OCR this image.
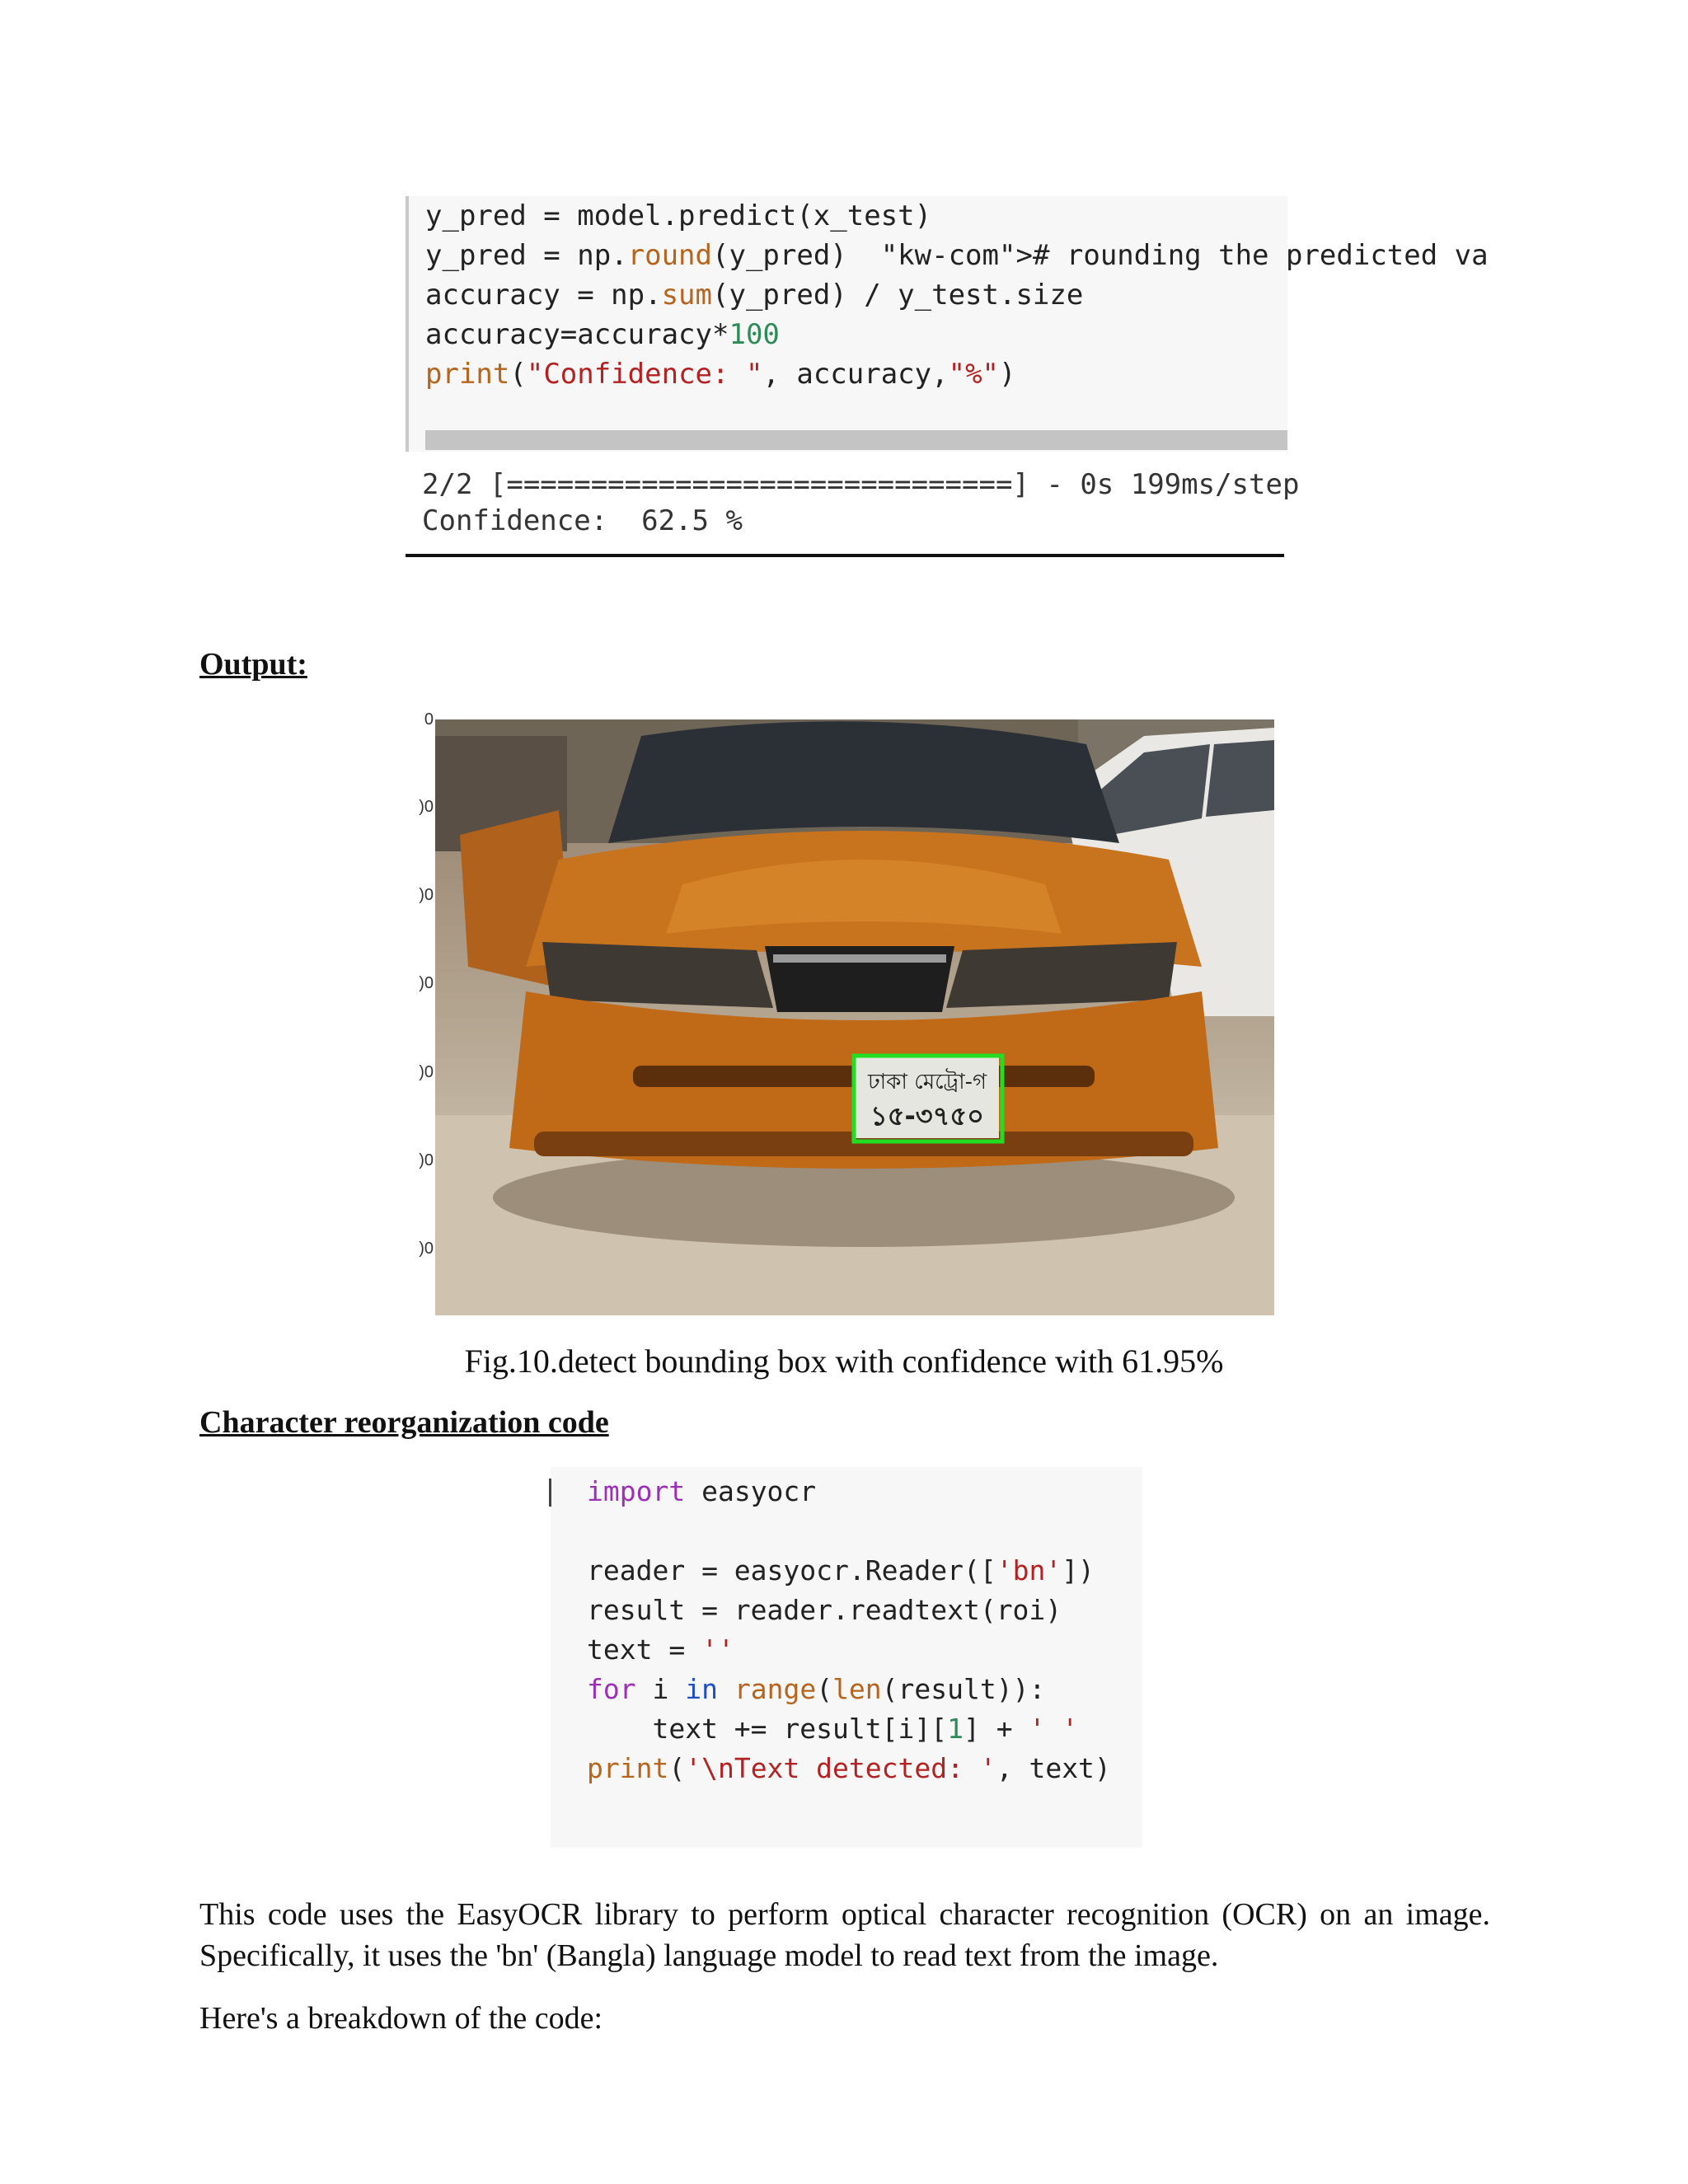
y_pred = model.predict(x_test)
y_pred = np.round(y_pred)  "kw-com"># rounding the predicted va
accuracy = np.sum(y_pred) / y_test.size
accuracy=accuracy*100
print("Confidence: ", accuracy,"%")
2/2 [==============================] - 0s 199ms/step
Confidence:  62.5 %
Output:
0
)0
)0
)0
)0
)0
)0
ঢাকা মেট্রো-গ
১৫-৩৭৫০
Fig.10.detect bounding box with confidence with 61.95%
Character reorganization code
import easyocr
reader = easyocr.Reader(['bn'])
result = reader.readtext(roi)
text = ''
for i in range(len(result)):
text += result[i][1] + ' '
print('\nText detected: ', text)
This code uses the EasyOCR library to perform optical character recognition (OCR) on an image. Specifically, it uses the 'bn' (Bangla) language model to read text from the image.
Here's a breakdown of the code:
